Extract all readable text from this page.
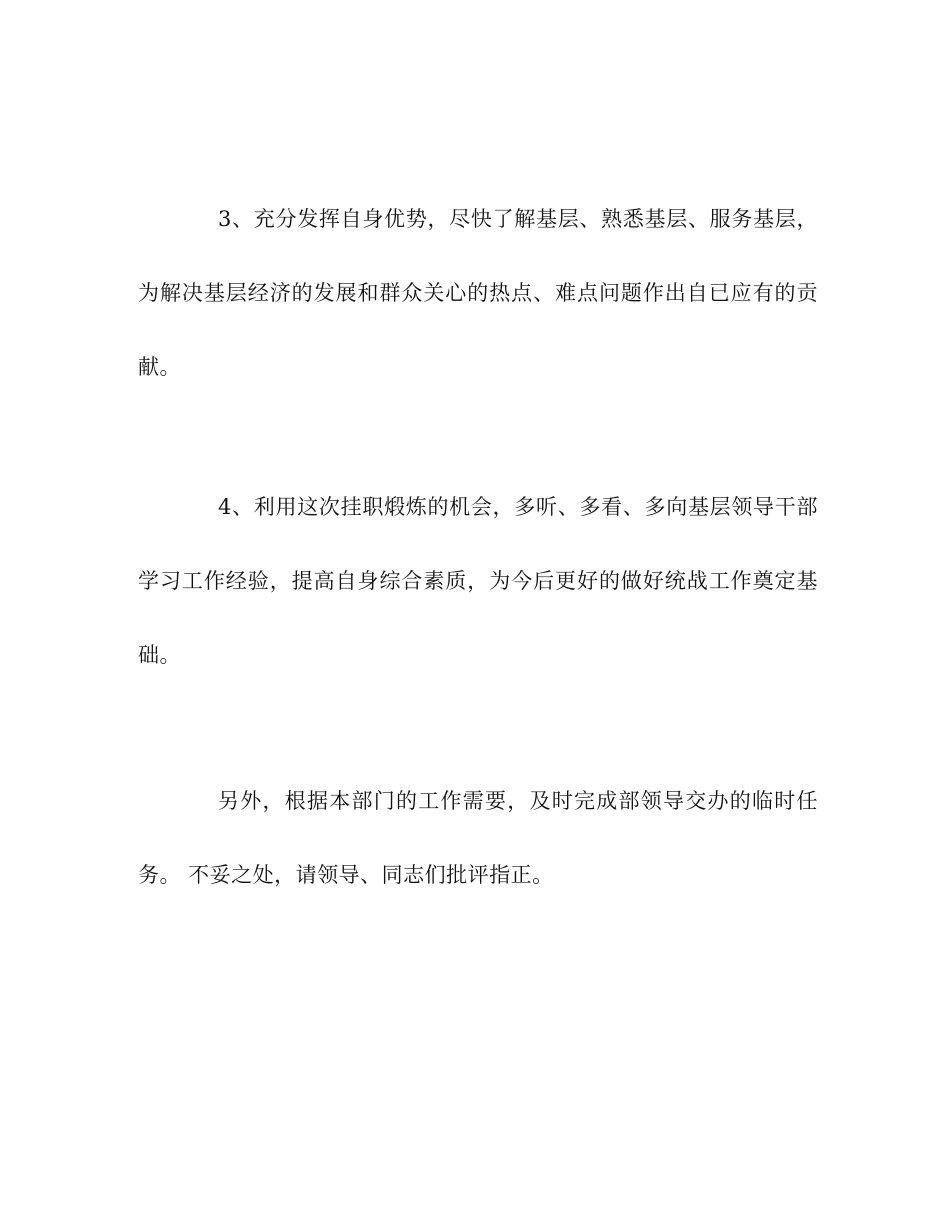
3、充分发挥自身优势，尽快了解基层、熟悉基层、服务基层，为解决基层经济的发展和群众关心的热点、难点问题作出自已应有的贡献。

4、利用这次挂职煅炼的机会，多听、多看、多向基层领导干部学习工作经验，提高自身综合素质，为今后更好的做好统战工作奠定基础。

另外，根据本部门的工作需要，及时完成部领导交办的临时任务。 不妥之处，请领导、同志们批评指正。
